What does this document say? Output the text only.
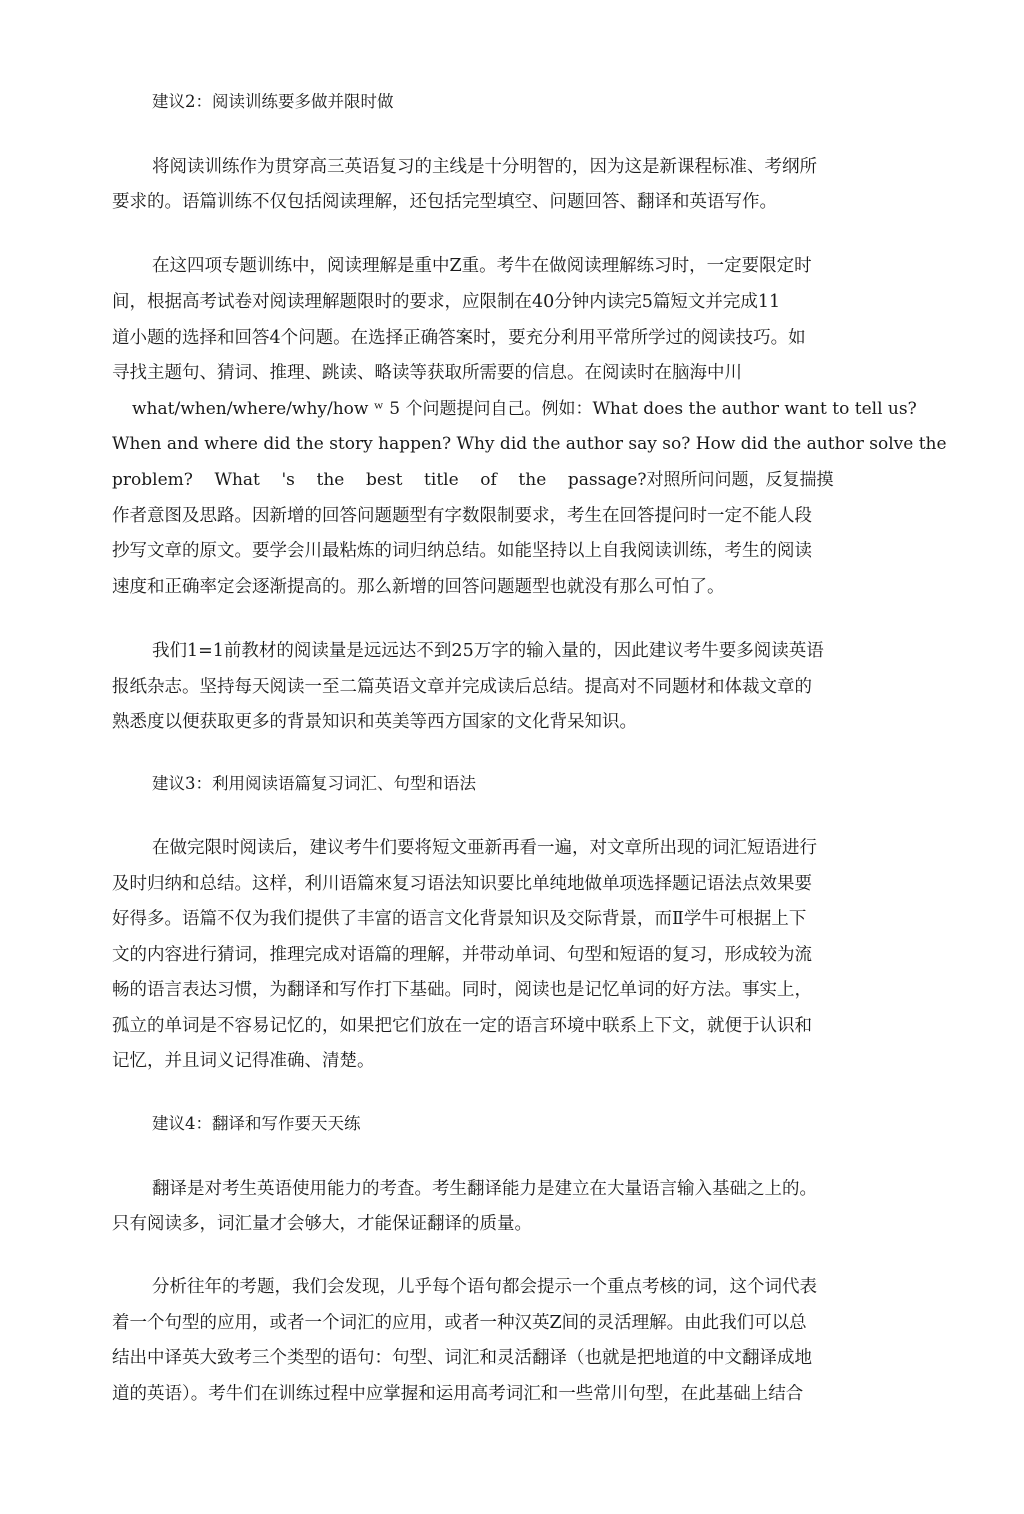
建议2：阅读训练要多做并限时做
将阅读训练作为贯穿高三英语复习的主线是十分明智的，因为这是新课程标准、考纲所
要求的。语篇训练不仅包括阅读理解，还包括完型填空、问题回答、翻译和英语写作。
在这四项专题训练中，阅读理解是重中Z重。考牛在做阅读理解练习时，一定要限定时
间，根据高考试卷对阅读理解题限时的要求，应限制在40分钟内读完5篇短文并完成11
道小题的选择和回答4个问题。在选择正确答案时，要充分利用平常所学过的阅读技巧。如
寻找主题句、猜词、推理、跳读、略读等获取所需要的信息。在阅读时在脑海中川
what/when/where/why/how ʷ 5 个问题提问自己。例如：What does the author want to tell us?
When and where did the story happen? Why did the author say so? How did the author solve the
problem?    What    's    the    best    title    of    the    passage?对照所问问题，反复揣摸
作者意图及思路。因新增的回答问题题型有字数限制要求，考生在回答提问时一定不能人段
抄写文章的原文。要学会川最粘炼的词归纳总结。如能坚持以上自我阅读训练，考生的阅读
速度和正确率定会逐渐提高的。那么新增的回答问题题型也就没有那么可怕了。
我们1=1前教材的阅读量是远远达不到25万字的输入量的，因此建议考牛要多阅读英语
报纸杂志。坚持每天阅读一至二篇英语文章并完成读后总结。提高对不同题材和体裁文章的
熟悉度以便获取更多的背景知识和英美等西方国家的文化背呆知识。
建议3：利用阅读语篇复习词汇、句型和语法
在做完限时阅读后，建议考牛们要将短文亜新再看一遍，对文章所出现的词汇短语进行
及时归纳和总结。这样，利川语篇來复习语法知识要比单纯地做单项选择题记语法点效果要
好得多。语篇不仅为我们提供了丰富的语言文化背景知识及交际背景，而Ⅱ学牛可根据上下
文的内容进行猜词，推理完成对语篇的理解，并带动单词、句型和短语的复习，形成较为流
畅的语言表达习惯，为翻译和写作打下基础。同时，阅读也是记忆单词的好方法。事实上，
孤立的单词是不容易记忆的，如果把它们放在一定的语言环境中联系上下文，就便于认识和
记忆，并且词义记得准确、清楚。
建议4：翻译和写作要天天练
翻译是对考生英语使用能力的考査。考生翻译能力是建立在大量语言输入基础之上的。
只有阅读多，词汇量才会够大，才能保证翻译的质量。
分析往年的考题，我们会发现，儿乎每个语句都会提示一个重点考核的词，这个词代表
着一个句型的应用，或者一个词汇的应用，或者一种汉英Z间的灵活理解。由此我们可以总
结出中译英大致考三个类型的语句：句型、词汇和灵活翻译（也就是把地道的中文翻译成地
道的英语）。考牛们在训练过程中应掌握和运用高考词汇和一些常川句型，在此基础上结合
